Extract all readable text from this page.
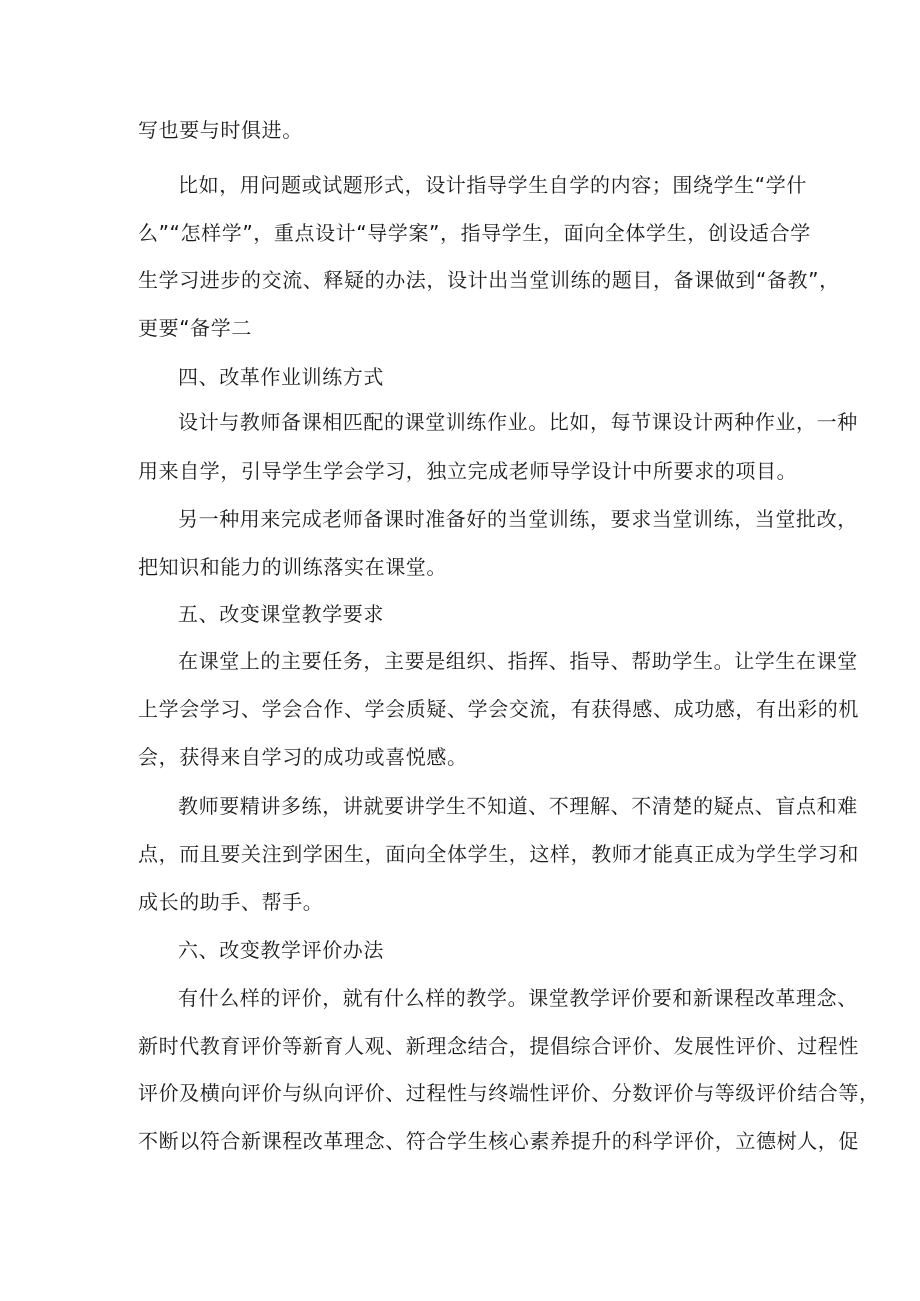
写也要与时俱进。
比如，用问题或试题形式，设计指导学生自学的内容；围绕学生“学什
么”“怎样学”，重点设计“导学案”，指导学生，面向全体学生，创设适合学
生学习进步的交流、释疑的办法，设计出当堂训练的题目，备课做到“备教”，
更要“备学二
四、改革作业训练方式
设计与教师备课相匹配的课堂训练作业。比如，每节课设计两种作业，一种
用来自学，引导学生学会学习，独立完成老师导学设计中所要求的项目。
另一种用来完成老师备课时准备好的当堂训练，要求当堂训练，当堂批改，
把知识和能力的训练落实在课堂。
五、改变课堂教学要求
在课堂上的主要任务，主要是组织、指挥、指导、帮助学生。让学生在课堂
上学会学习、学会合作、学会质疑、学会交流，有获得感、成功感，有出彩的机
会，获得来自学习的成功或喜悦感。
教师要精讲多练，讲就要讲学生不知道、不理解、不清楚的疑点、盲点和难
点，而且要关注到学困生，面向全体学生，这样，教师才能真正成为学生学习和
成长的助手、帮手。
六、改变教学评价办法
有什么样的评价，就有什么样的教学。课堂教学评价要和新课程改革理念、
新时代教育评价等新育人观、新理念结合，提倡综合评价、发展性评价、过程性
评价及横向评价与纵向评价、过程性与终端性评价、分数评价与等级评价结合等，
不断以符合新课程改革理念、符合学生核心素养提升的科学评价，立德树人，促
